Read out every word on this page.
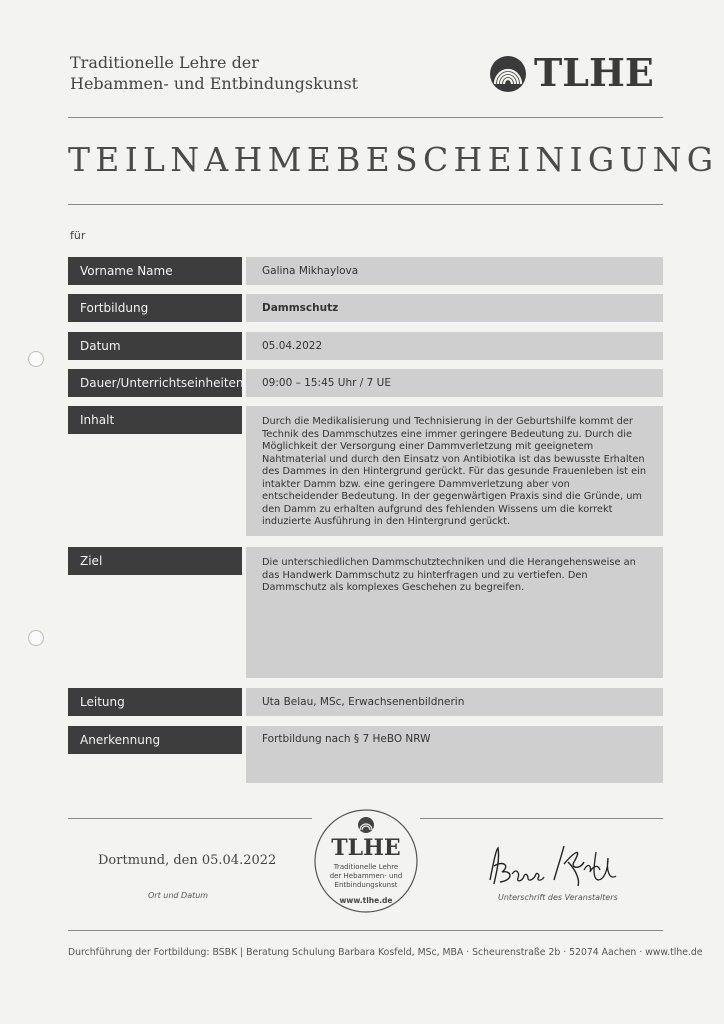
Traditionelle Lehre der
Hebammen- und Entbindungskunst	TLHE
TEILNAHMEBESCHEINIGUNG
für
Vorname Name	Galina Mikhaylova
Fortbildung	Dammschutz
Datum	05.04.2022
Dauer/Unterrichtseinheiten	09:00 – 15:45 Uhr / 7 UE
Inhalt	Durch die Medikalisierung und Technisierung in der Geburtshilfe kommt der Technik des Dammschutzes eine immer geringere Bedeutung zu. Durch die Möglichkeit der Versorgung einer Dammverletzung mit geeignetem Nahtmaterial und durch den Einsatz von Antibiotika ist das bewusste Erhalten des Dammes in den Hintergrund gerückt. Für das gesunde Frauenleben ist ein intakter Damm bzw. eine geringere Dammverletzung aber von entscheidender Bedeutung. In der gegenwärtigen Praxis sind die Gründe, um den Damm zu erhalten aufgrund des fehlenden Wissens um die korrekt induzierte Ausführung in den Hintergrund gerückt.
Ziel	Die unterschiedlichen Dammschutztechniken und die Herangehensweise an das Handwerk Dammschutz zu hinterfragen und zu vertiefen. Den Dammschutz als komplexes Geschehen zu begreifen.
Leitung	Uta Belau, MSc, Erwachsenenbildnerin
Anerkennung	Fortbildung nach § 7 HeBO NRW
Dortmund, den 05.04.2022
Ort und Datum
TLHE
Traditionelle Lehre
der Hebammen- und
Entbindungskunst
www.tlhe.de	Unterschrift des Veranstalters
Durchführung der Fortbildung: BSBK | Beratung Schulung Barbara Kosfeld, MSc, MBA · Scheurenstraße 2b · 52074 Aachen · www.tlhe.de
